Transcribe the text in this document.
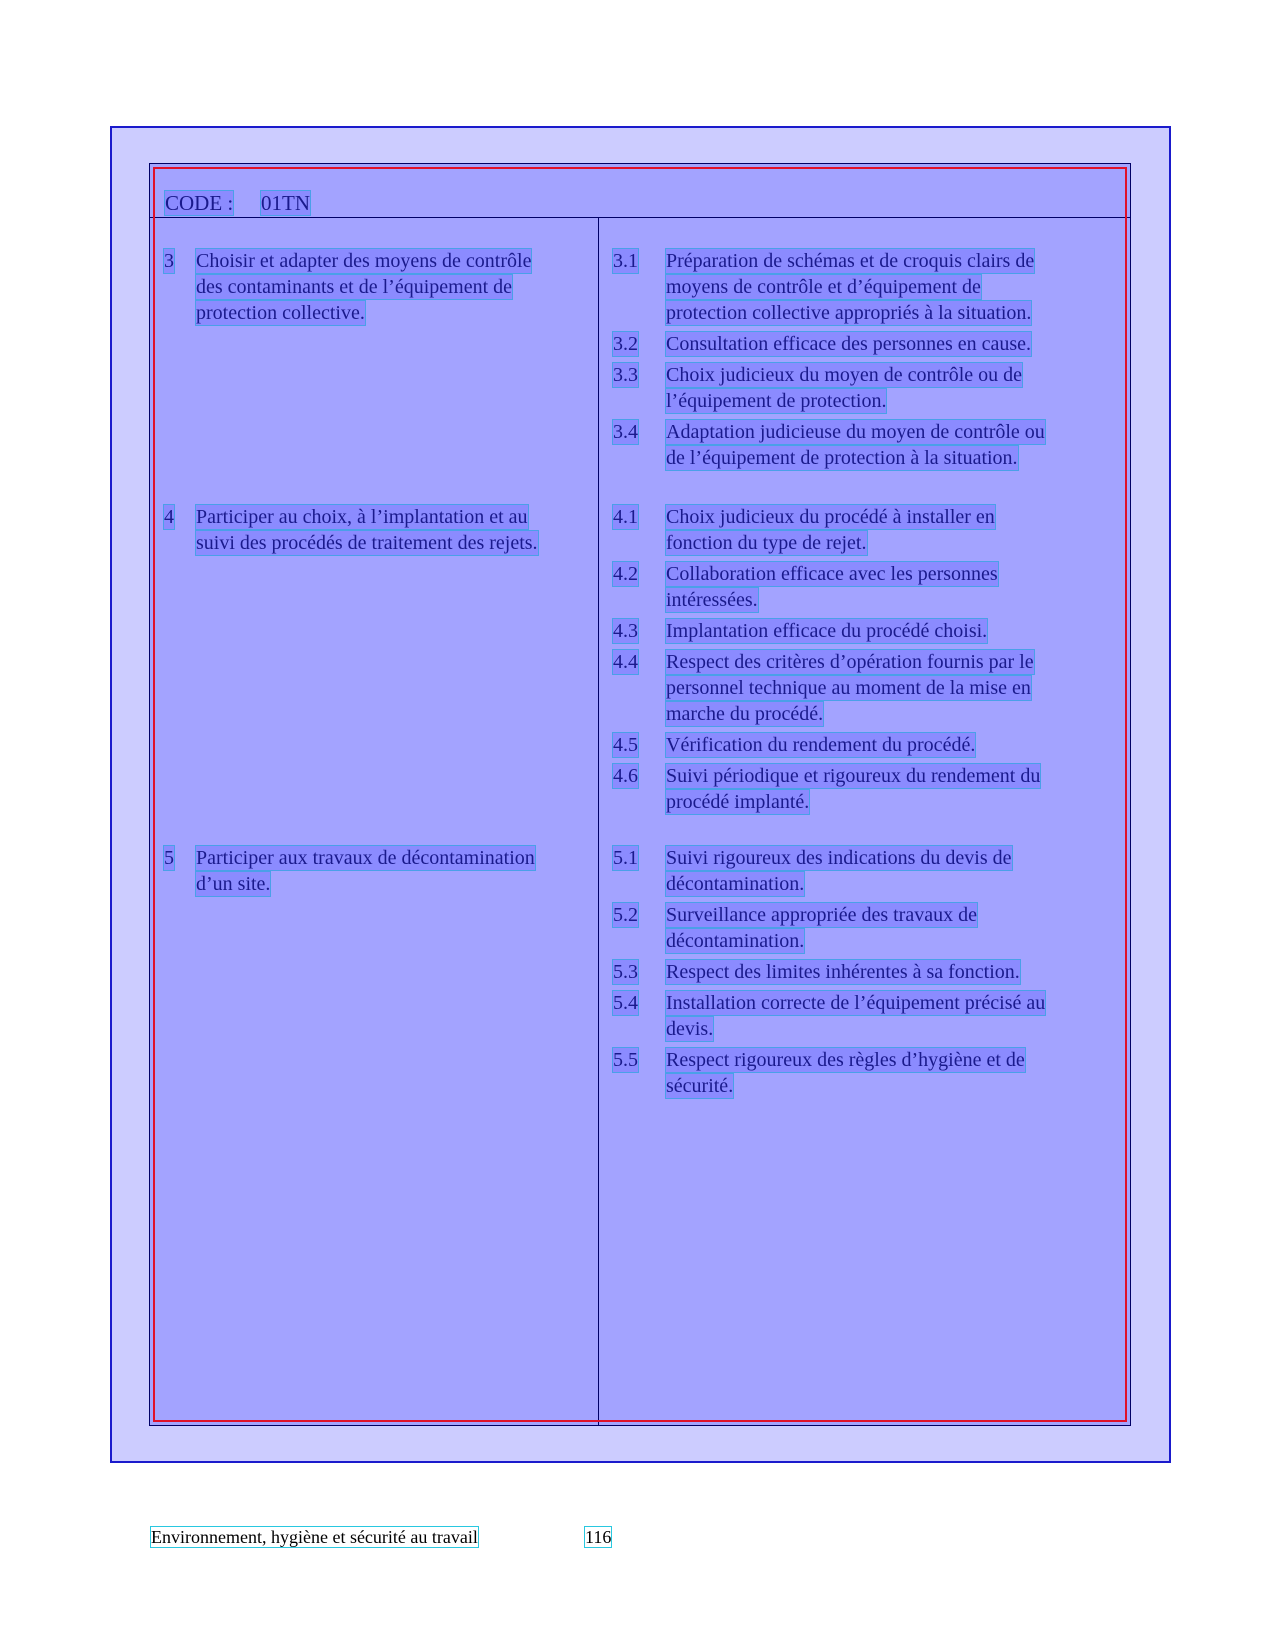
CODE : 01TN
3 Choisir et adapter des moyens de contrôle
des contaminants et de l’équipement de
protection collective.
3.1 Préparation de schémas et de croquis clairs de
moyens de contrôle et d’équipement de
protection collective appropriés à la situation.
3.2 Consultation efficace des personnes en cause.
3.3 Choix judicieux du moyen de contrôle ou de
l’équipement de protection.
3.4 Adaptation judicieuse du moyen de contrôle ou
de l’équipement de protection à la situation.
4 Participer au choix, à l’implantation et au
suivi des procédés de traitement des rejets.
4.1 Choix judicieux du procédé à installer en
fonction du type de rejet.
4.2 Collaboration efficace avec les personnes
intéressées.
4.3 Implantation efficace du procédé choisi.
4.4 Respect des critères d’opération fournis par le
personnel technique au moment de la mise en
marche du procédé.
4.5 Vérification du rendement du procédé.
4.6 Suivi périodique et rigoureux du rendement du
procédé implanté.
5 Participer aux travaux de décontamination
d’un site.
5.1 Suivi rigoureux des indications du devis de
décontamination.
5.2 Surveillance appropriée des travaux de
décontamination.
5.3 Respect des limites inhérentes à sa fonction.
5.4 Installation correcte de l’équipement précisé au
devis.
5.5 Respect rigoureux des règles d’hygiène et de
sécurité.
Environnement, hygiène et sécurité au travail	116
